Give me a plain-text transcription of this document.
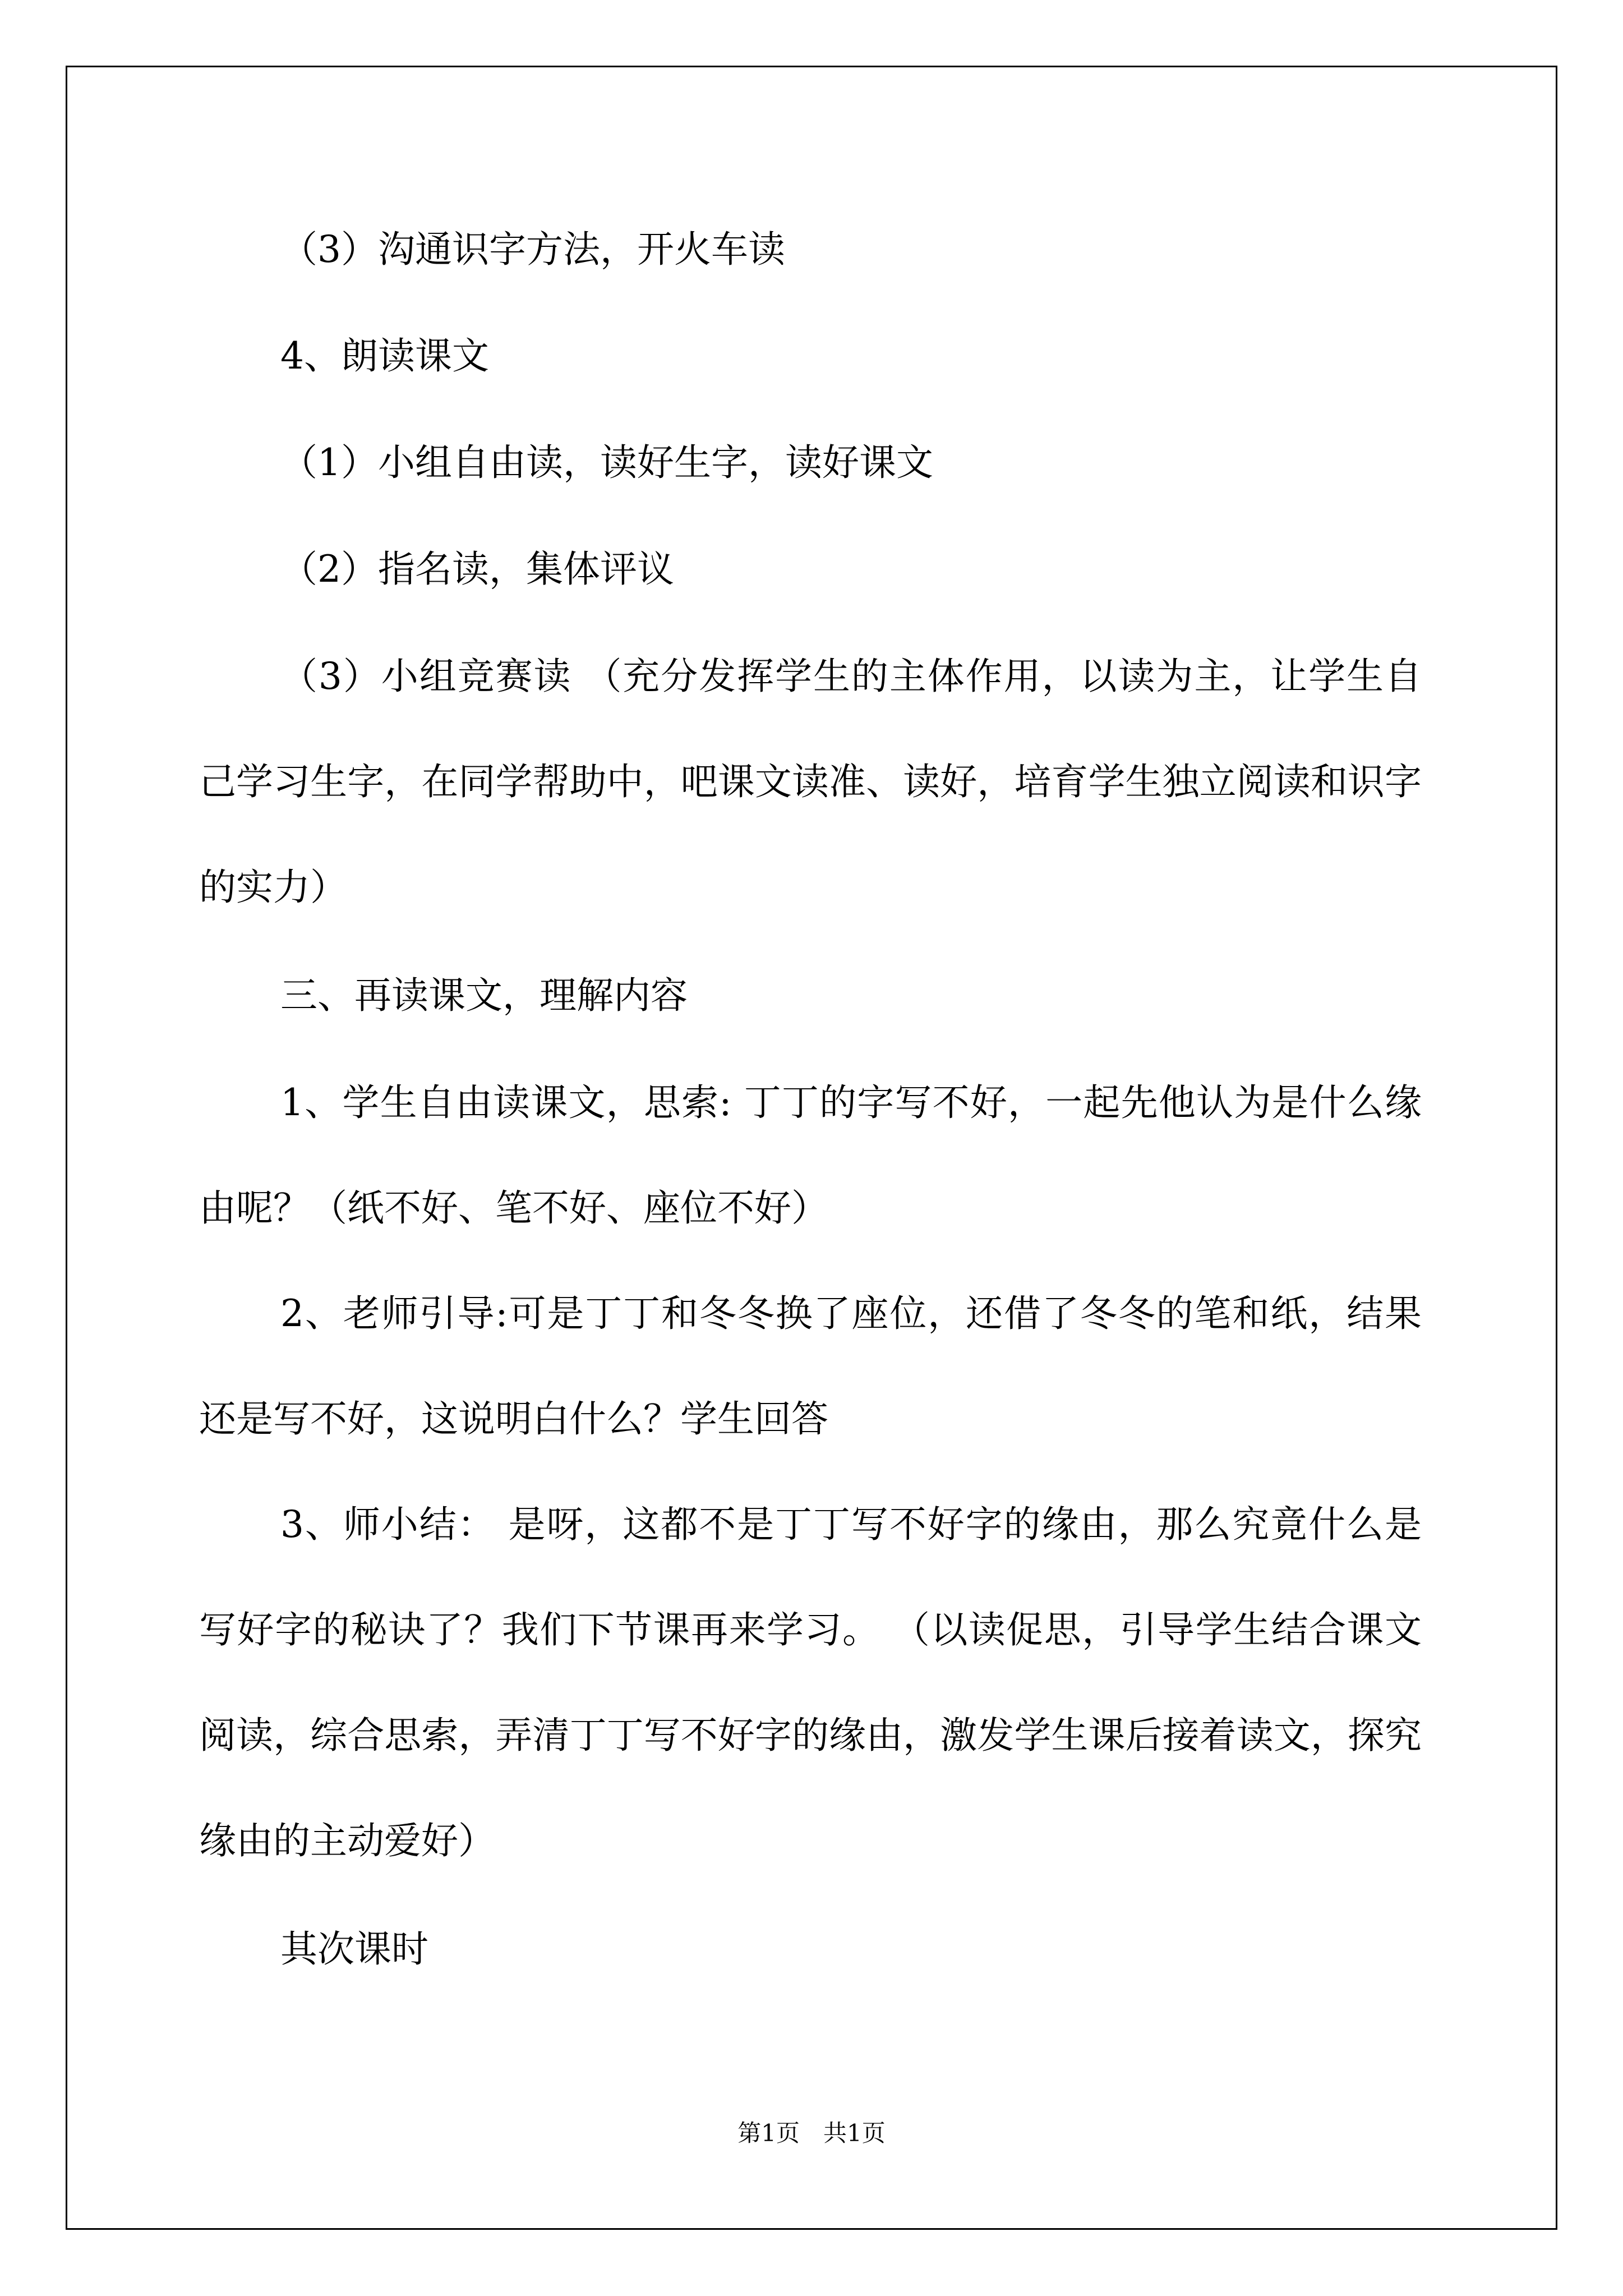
（3）沟通识字方法，开火车读

4、朗读课文

（1）小组自由读，读好生字，读好课文

（2）指名读，集体评议

（3）小组竞赛读 （充分发挥学生的主体作用，以读为主，让学生自己学习生字，在同学帮助中，吧课文读准、读好，培育学生独立阅读和识字的实力）

三、再读课文，理解内容

1、学生自由读课文，思索: 丁丁的字写不好，一起先他认为是什么缘由呢？（纸不好、笔不好、座位不好）

2、老师引导:可是丁丁和冬冬换了座位，还借了冬冬的笔和纸，结果还是写不好，这说明白什么？学生回答

3、师小结： 是呀，这都不是丁丁写不好字的缘由，那么究竟什么是写好字的秘诀了？我们下节课再来学习。 （以读促思，引导学生结合课文阅读，综合思索，弄清丁丁写不好字的缘由，激发学生课后接着读文，探究缘由的主动爱好）

其次课时

第1页　共1页
